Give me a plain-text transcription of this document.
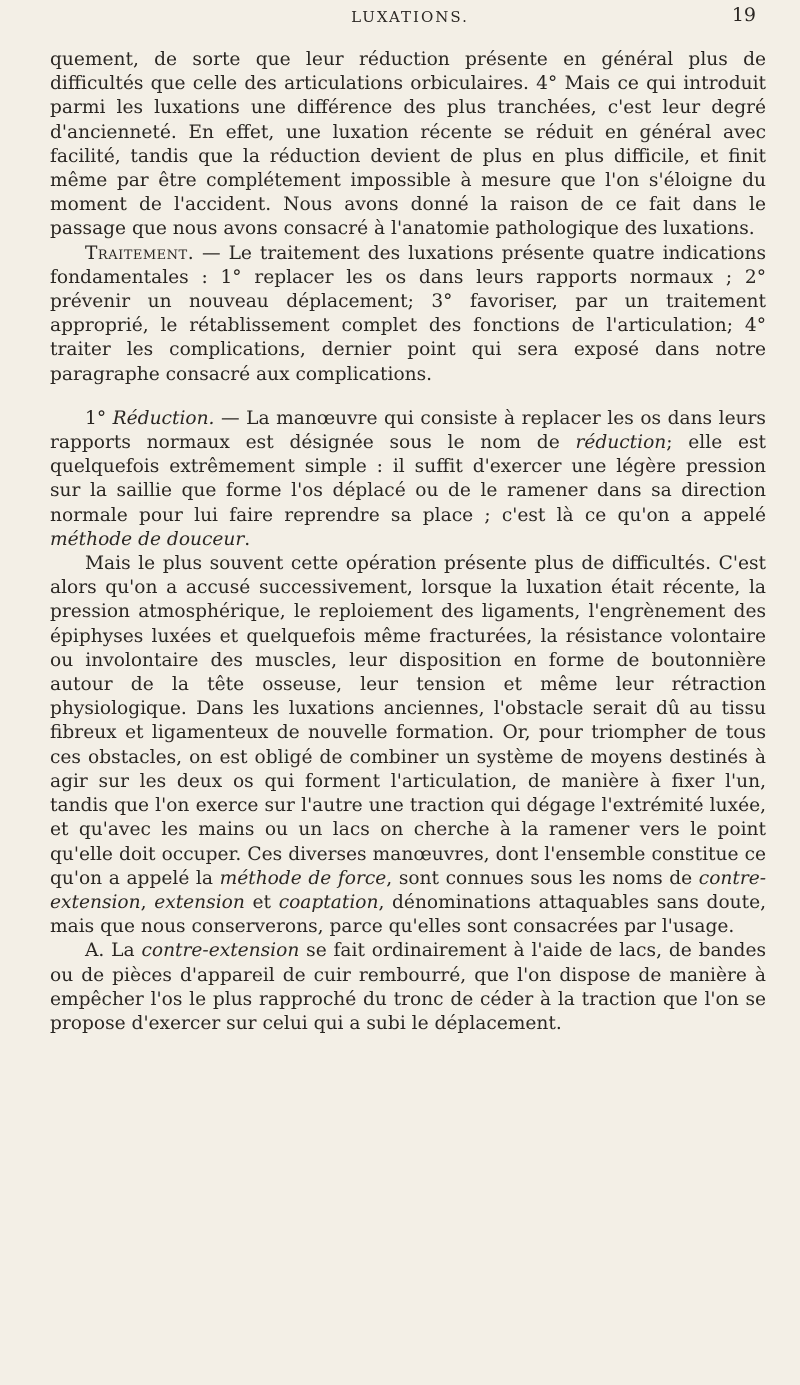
LUXATIONS.	19

quement, de sorte que leur réduction présente en général plus de difficultés que celle des articulations orbiculaires. 4° Mais ce qui introduit parmi les luxations une différence des plus tranchées, c'est leur degré d'ancienneté. En effet, une luxation récente se réduit en général avec facilité, tandis que la réduction devient de plus en plus difficile, et finit même par être complétement impossible à mesure que l'on s'éloigne du moment de l'accident. Nous avons donné la raison de ce fait dans le passage que nous avons consacré à l'anatomie pathologique des luxations.

Traitement. — Le traitement des luxations présente quatre indications fondamentales : 1° replacer les os dans leurs rapports normaux ; 2° prévenir un nouveau déplacement; 3° favoriser, par un traitement approprié, le rétablissement complet des fonctions de l'articulation; 4° traiter les complications, dernier point qui sera exposé dans notre paragraphe consacré aux complications.

1° Réduction. — La manœuvre qui consiste à replacer les os dans leurs rapports normaux est désignée sous le nom de réduction; elle est quelquefois extrêmement simple : il suffit d'exercer une légère pression sur la saillie que forme l'os déplacé ou de le ramener dans sa direction normale pour lui faire reprendre sa place ; c'est là ce qu'on a appelé méthode de douceur.

Mais le plus souvent cette opération présente plus de difficultés. C'est alors qu'on a accusé successivement, lorsque la luxation était récente, la pression atmosphérique, le reploiement des ligaments, l'engrènement des épiphyses luxées et quelquefois même fracturées, la résistance volontaire ou involontaire des muscles, leur disposition en forme de boutonnière autour de la tête osseuse, leur tension et même leur rétraction physiologique. Dans les luxations anciennes, l'obstacle serait dû au tissu fibreux et ligamenteux de nouvelle formation. Or, pour triompher de tous ces obstacles, on est obligé de combiner un système de moyens destinés à agir sur les deux os qui forment l'articulation, de manière à fixer l'un, tandis que l'on exerce sur l'autre une traction qui dégage l'extrémité luxée, et qu'avec les mains ou un lacs on cherche à la ramener vers le point qu'elle doit occuper. Ces diverses manœuvres, dont l'ensemble constitue ce qu'on a appelé la méthode de force, sont connues sous les noms de contre-extension, extension et coaptation, dénominations attaquables sans doute, mais que nous conserverons, parce qu'elles sont consacrées par l'usage.

A. La contre-extension se fait ordinairement à l'aide de lacs, de bandes ou de pièces d'appareil de cuir rembourré, que l'on dispose de manière à empêcher l'os le plus rapproché du tronc de céder à la traction que l'on se propose d'exercer sur celui qui a subi le déplacement.
